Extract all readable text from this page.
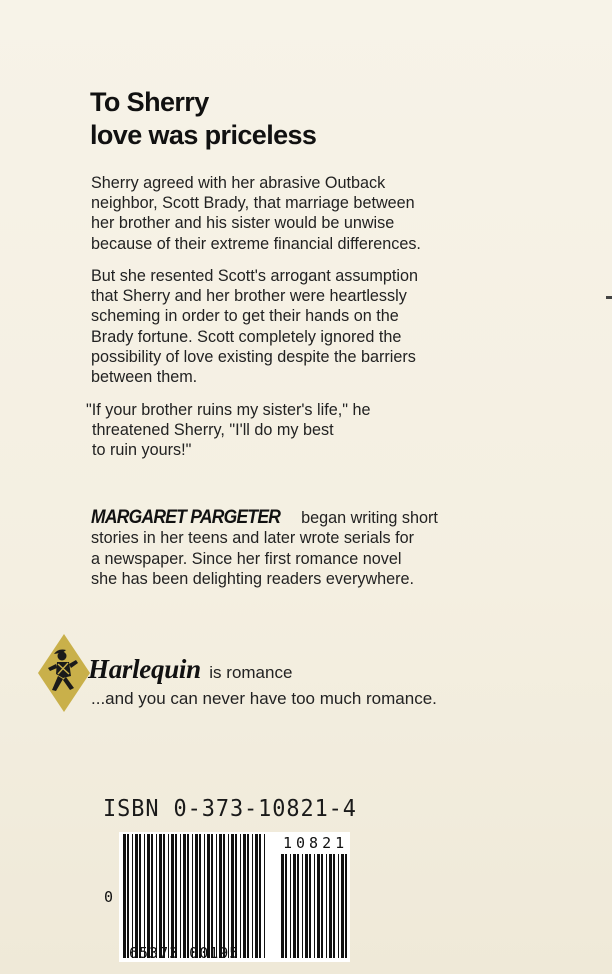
To Sherry
love was priceless
Sherry agreed with her abrasive Outback
neighbor, Scott Brady, that marriage between
her brother and his sister would be unwise
because of their extreme financial differences.
But she resented Scott's arrogant assumption
that Sherry and her brother were heartlessly
scheming in order to get their hands on the
Brady fortune. Scott completely ignored the
possibility of love existing despite the barriers
between them.
"If your brother ruins my sister's life," he
threatened Sherry, "I'll do my best
to ruin yours!"
MARGARET PARGETER began writing short
stories in her teens and later wrote serials for
a newspaper. Since her first romance novel
she has been delighting readers everywhere.
Harlequin is romance
...and you can never have too much romance.
ISBN 0-373-10821-4
0
65373 00195
10821
